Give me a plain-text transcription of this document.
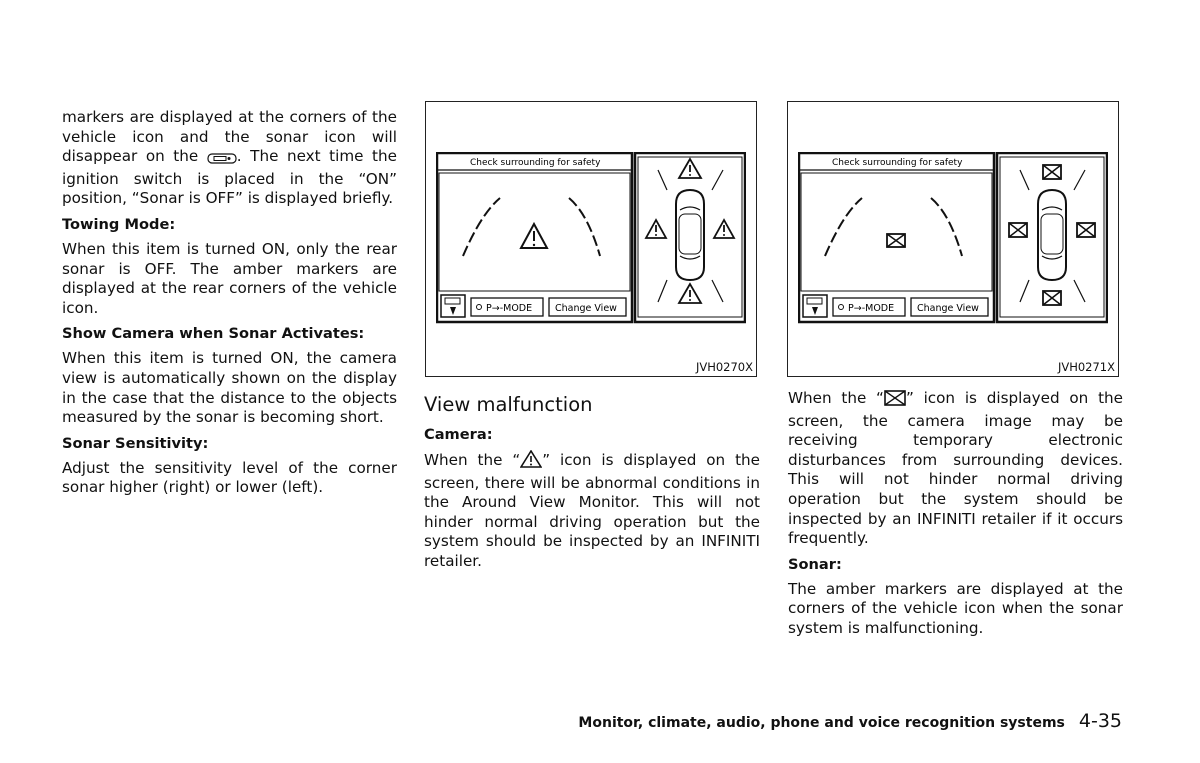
markers are displayed at the corners of the vehicle icon and the sonar icon will disappear on the . The next time the ignition switch is placed in the “ON” position, “Sonar is OFF” is displayed briefly.

Towing Mode:

When this item is turned ON, only the rear sonar is OFF. The amber markers are displayed at the rear corners of the vehicle icon.

Show Camera when Sonar Activates:

When this item is turned ON, the camera view is automatically shown on the display in the case that the distance to the objects measured by the sonar is becoming short.

Sonar Sensitivity:

Adjust the sensitivity level of the corner sonar higher (right) or lower (left).

Check surrounding for safety
P→-MODE Change View
JVH0270X
Check surrounding for safety
P→-MODE Change View
JVH0271X
View malfunction
Camera:

When the “ ” icon is displayed on the screen, there will be abnormal conditions in the Around View Monitor. This will not hinder normal driving operation but the system should be inspected by an INFINITI retailer.

When the “☒” icon is displayed on the screen, the camera image may be receiving temporary electronic disturbances from surrounding devices. This will not hinder normal driving operation but the system should be inspected by an INFINITI retailer if it occurs frequently.

Sonar:

The amber markers are displayed at the corners of the vehicle icon when the sonar system is malfunctioning.

Monitor, climate, audio, phone and voice recognition systems 4-35
